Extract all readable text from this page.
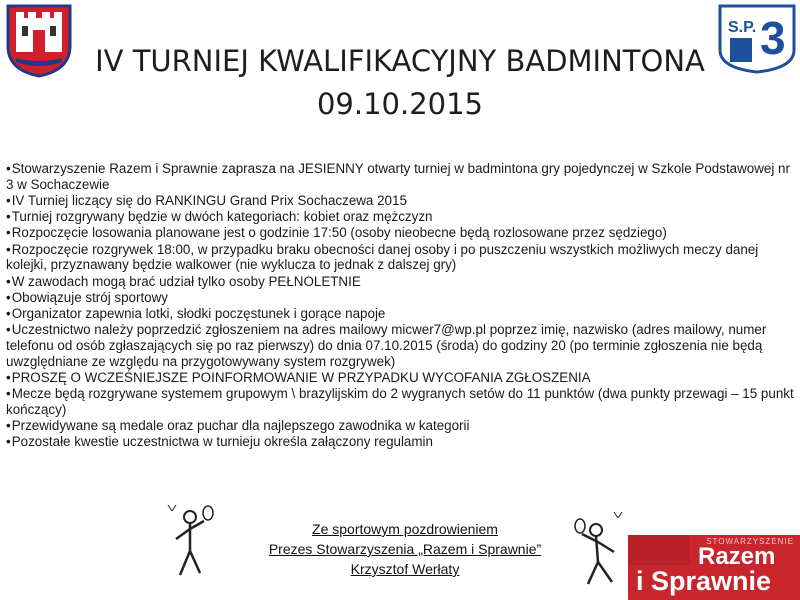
S.P. 3
IV TURNIEJ KWALIFIKACYJNY BADMINTONA
09.10.2015
•Stowarzyszenie Razem i Sprawnie zaprasza na JESIENNY otwarty turniej w badmintona gry pojedynczej w Szkole Podstawowej nr 3 w Sochaczewie
•IV Turniej liczący się do RANKINGU Grand Prix Sochaczewa 2015
•Turniej rozgrywany będzie w dwóch kategoriach: kobiet oraz mężczyzn
•Rozpoczęcie losowania planowane jest o godzinie 17:50 (osoby nieobecne będą rozlosowane przez sędziego)
•Rozpoczęcie rozgrywek 18:00, w przypadku braku obecności danej osoby i po puszczeniu wszystkich możliwych meczy danej kolejki, przyznawany będzie walkower (nie wyklucza to jednak z dalszej gry)
•W zawodach mogą brać udział tylko osoby PEŁNOLETNIE
•Obowiązuje strój sportowy
•Organizator zapewnia lotki, słodki poczęstunek i gorące napoje
•Uczestnictwo należy poprzedzić zgłoszeniem na adres mailowy micwer7@wp.pl poprzez imię, nazwisko (adres mailowy, numer telefonu od osób zgłaszających się po raz pierwszy) do dnia 07.10.2015 (środa) do godziny 20 (po terminie zgłoszenia nie będą uwzględniane ze względu na przygotowywany system rozgrywek)
•PROSZĘ O WCZEŚNIEJSZE POINFORMOWANIE W PRZYPADKU WYCOFANIA ZGŁOSZENIA
•Mecze będą rozgrywane systemem grupowym \ brazylijskim do 2 wygranych setów do 11 punktów (dwa punkty przewagi – 15 punkt kończący)
•Przewidywane są medale oraz puchar dla najlepszego zawodnika w kategorii
•Pozostałe kwestie uczestnictwa w turnieju określa załączony regulamin
Ze sportowym pozdrowieniem
Prezes Stowarzyszenia „Razem i Sprawnie”
Krzysztof Werłaty
STOWARZYSZENIE
Razem
i Sprawnie
